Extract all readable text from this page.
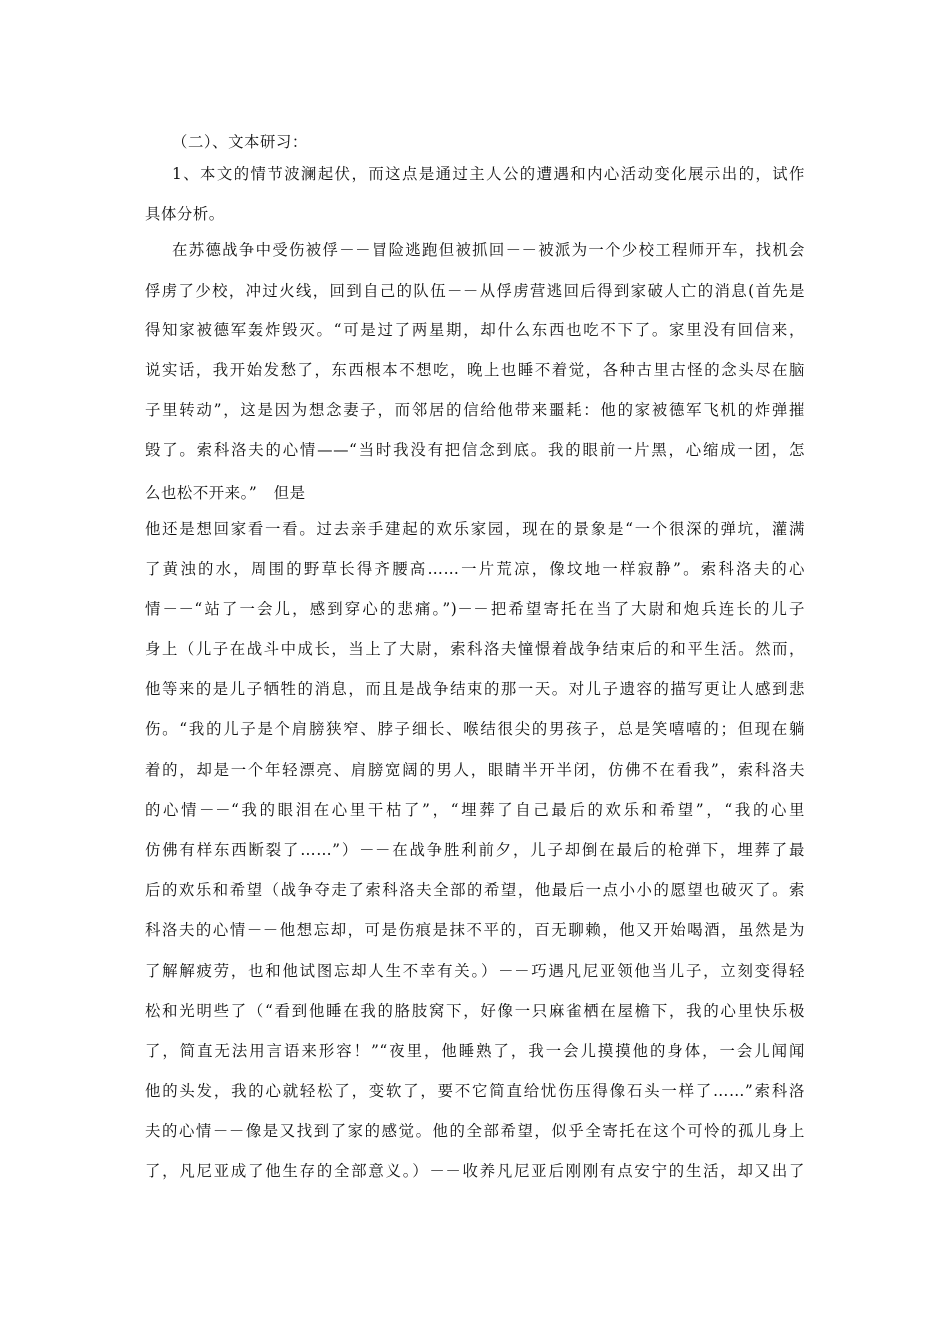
（二）、文本研习：
1、本文的情节波澜起伏，而这点是通过主人公的遭遇和内心活动变化展示出的，试作
具体分析。
在苏德战争中受伤被俘－－冒险逃跑但被抓回－－被派为一个少校工程师开车，找机会
俘虏了少校，冲过火线，回到自己的队伍－－从俘虏营逃回后得到家破人亡的消息(首先是
得知家被德军轰炸毁灭。“可是过了两星期，却什么东西也吃不下了。家里没有回信来，
说实话，我开始发愁了，东西根本不想吃，晚上也睡不着觉，各种古里古怪的念头尽在脑
子里转动”，这是因为想念妻子，而邻居的信给他带来噩耗：他的家被德军飞机的炸弹摧
毁了。索科洛夫的心情——“当时我没有把信念到底。我的眼前一片黑，心缩成一团，怎
么也松不开来。”   但是
他还是想回家看一看。过去亲手建起的欢乐家园，现在的景象是“一个很深的弹坑，灌满
了黄浊的水，周围的野草长得齐腰高……一片荒凉，像坟地一样寂静”。索科洛夫的心
情－－“站了一会儿，感到穿心的悲痛。”)－－把希望寄托在当了大尉和炮兵连长的儿子
身上（儿子在战斗中成长，当上了大尉，索科洛夫憧憬着战争结束后的和平生活。然而，
他等来的是儿子牺牲的消息，而且是战争结束的那一天。对儿子遗容的描写更让人感到悲
伤。“我的儿子是个肩膀狭窄、脖子细长、喉结很尖的男孩子，总是笑嘻嘻的；但现在躺
着的，却是一个年轻漂亮、肩膀宽阔的男人，眼睛半开半闭，仿佛不在看我”，索科洛夫
的心情－－“我的眼泪在心里干枯了”，“埋葬了自己最后的欢乐和希望”，“我的心里
仿佛有样东西断裂了……”）－－在战争胜利前夕，儿子却倒在最后的枪弹下，埋葬了最
后的欢乐和希望（战争夺走了索科洛夫全部的希望，他最后一点小小的愿望也破灭了。索
科洛夫的心情－－他想忘却，可是伤痕是抹不平的，百无聊赖，他又开始喝酒，虽然是为
了解解疲劳，也和他试图忘却人生不幸有关。）－－巧遇凡尼亚领他当儿子，立刻变得轻
松和光明些了（“看到他睡在我的胳肢窝下，好像一只麻雀栖在屋檐下，我的心里快乐极
了，简直无法用言语来形容！”“夜里，他睡熟了，我一会儿摸摸他的身体，一会儿闻闻
他的头发，我的心就轻松了，变软了，要不它简直给忧伤压得像石头一样了……”索科洛
夫的心情－－像是又找到了家的感觉。他的全部希望，似乎全寄托在这个可怜的孤儿身上
了，凡尼亚成了他生存的全部意义。）－－收养凡尼亚后刚刚有点安宁的生活，却又出了
